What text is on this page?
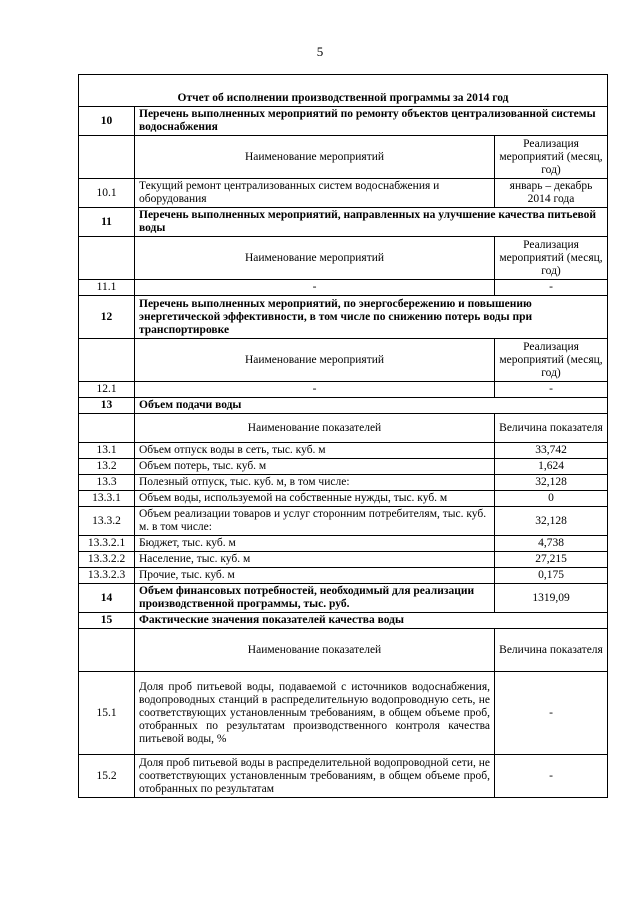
5

Отчет об исполнении производственной программы за 2014 год		
10	Перечень выполненных мероприятий по ремонту объектов централизованной системы водоснабжения	
	Наименование мероприятий	Реализация мероприятий (месяц, год)
10.1	Текущий ремонт централизованных систем водоснабжения и оборудования	январь – декабрь 2014 года
11	Перечень выполненных мероприятий, направленных на улучшение качества питьевой воды	
	Наименование мероприятий	Реализация мероприятий (месяц, год)
11.1	-	-
12	Перечень выполненных мероприятий, по энергосбережению и повышению энергетической эффективности, в том числе по снижению потерь воды при транспортировке	
	Наименование мероприятий	Реализация мероприятий (месяц, год)
12.1	-	-
13	Объем подачи воды	
	Наименование показателей	Величина показателя
13.1	Объем отпуск воды в сеть, тыс. куб. м	33,742
13.2	Объем потерь, тыс. куб. м	1,624
13.3	Полезный отпуск, тыс. куб. м, в том числе:	32,128
13.3.1	Объем воды, используемой на собственные нужды, тыс. куб. м	0
13.3.2	Объем реализации товаров и услуг сторонним потребителям, тыс. куб. м. в том числе:	32,128
13.3.2.1	Бюджет, тыс. куб. м	4,738
13.3.2.2	Население, тыс. куб. м	27,215
13.3.2.3	Прочие, тыс. куб. м	0,175
14	Объем финансовых потребностей, необходимый для реализации производственной программы, тыс. руб.	1319,09
15	Фактические значения показателей качества воды	
	Наименование показателей	Величина показателя
15.1	Доля проб питьевой воды, подаваемой с источников водоснабжения, водопроводных станций в распределительную водопроводную сеть, не соответствующих установленным требованиям, в общем объеме проб, отобранных по результатам производственного контроля качества питьевой воды, %	-
15.2	Доля проб питьевой воды в распределительной водопроводной сети, не соответствующих установленным требованиям, в общем объеме проб, отобранных по результатам	-
